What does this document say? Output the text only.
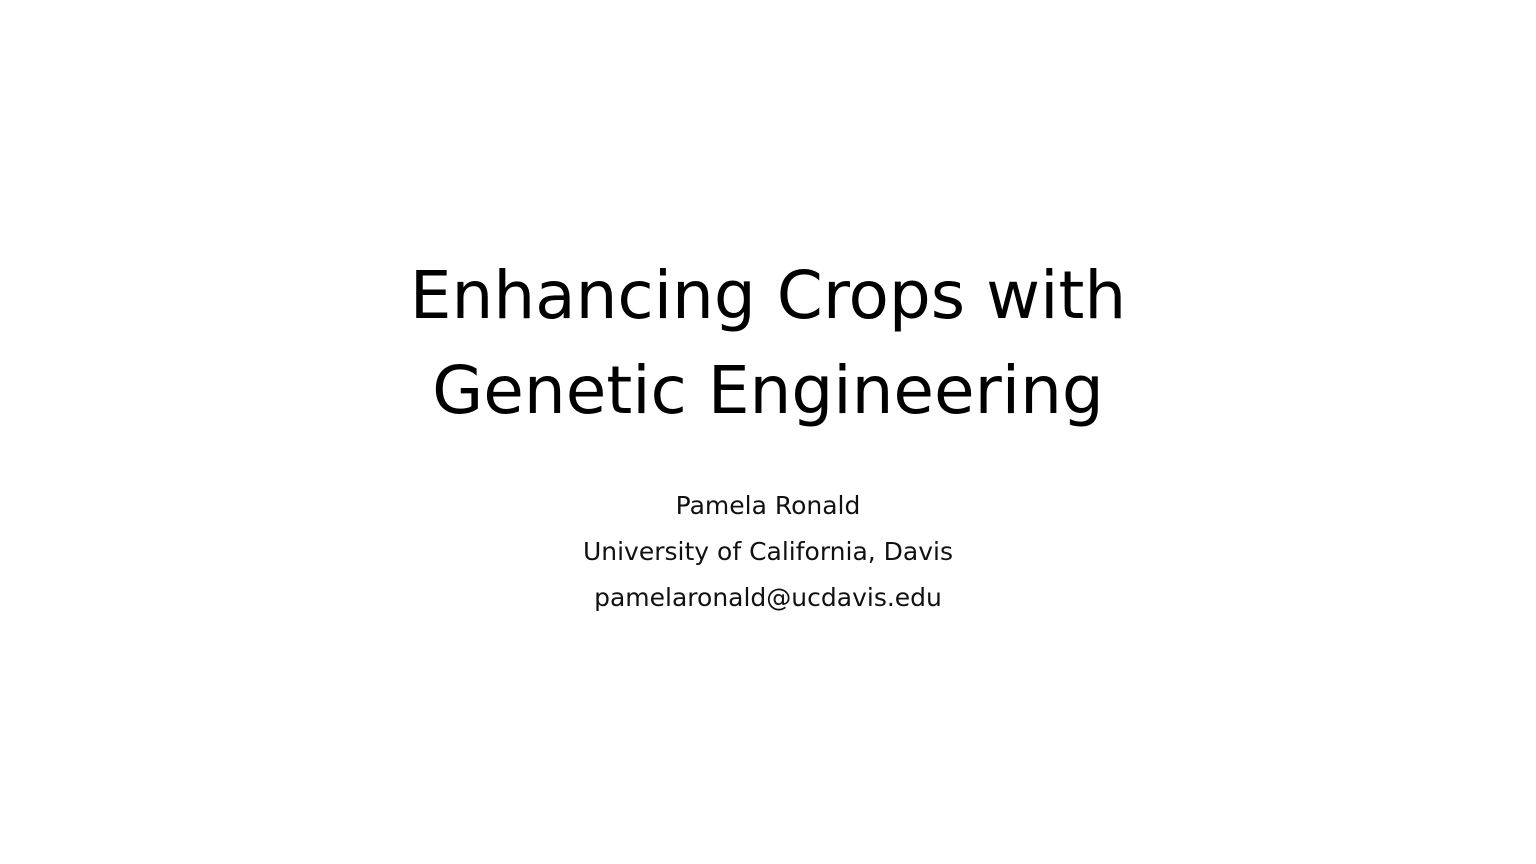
Enhancing Crops with
Genetic Engineering
Pamela Ronald
University of California, Davis
pamelaronald@ucdavis.edu
